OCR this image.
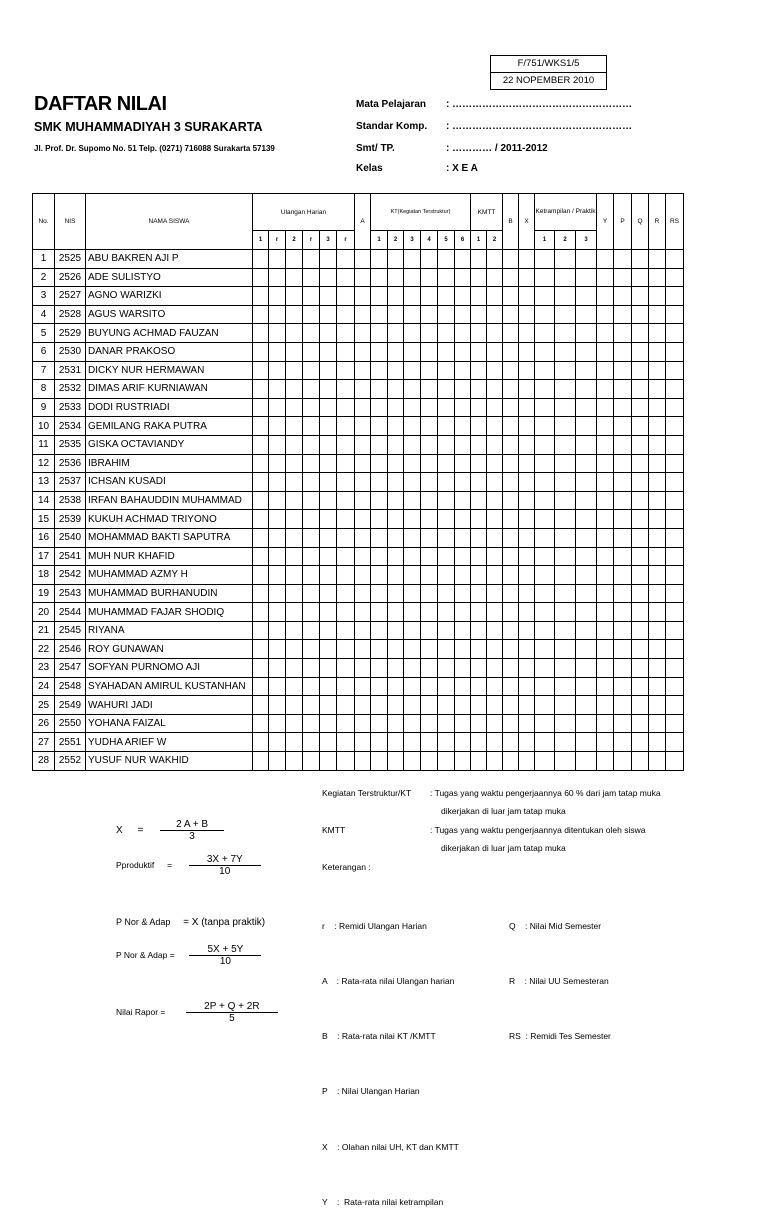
F/751/WKS1/5
22 NOPEMBER 2010
DAFTAR NILAI
SMK MUHAMMADIYAH 3 SURAKARTA
Jl. Prof. Dr. Supomo No. 51 Telp. (0271) 716088 Surakarta 57139
Mata Pelajaran : ………………………………………………
Standar Komp. : ………………………………………………
Smt/ TP.	: ………… / 2011-2012
Kelas	: X E A
No.	NIS	NAMA SISWA	Ulangan Harian						A	KT(Kegiatan Terstruktur)						KMTT		B	X	Ketrampilan / Praktik			Y	P	Q	R	RS
			1	r	2	r	3	r		1	2	3	4	5	6	1	2			1	2	3					
1	2525	ABU BAKREN AJI P																									
2	2526	ADE SULISTYO																									
3	2527	AGNO WARIZKI																									
4	2528	AGUS WARSITO																									
5	2529	BUYUNG ACHMAD FAUZAN																									
6	2530	DANAR PRAKOSO																									
7	2531	DICKY NUR HERMAWAN																									
8	2532	DIMAS ARIF KURNIAWAN																									
9	2533	DODI RUSTRIADI																									
10	2534	GEMILANG RAKA PUTRA																									
11	2535	GISKA OCTAVIANDY																									
12	2536	IBRAHIM																									
13	2537	ICHSAN KUSADI																									
14	2538	IRFAN BAHAUDDIN MUHAMMAD																									
15	2539	KUKUH ACHMAD TRIYONO																									
16	2540	MOHAMMAD BAKTI SAPUTRA																									
17	2541	MUH NUR KHAFID																									
18	2542	MUHAMMAD AZMY H																									
19	2543	MUHAMMAD BURHANUDIN																									
20	2544	MUHAMMAD FAJAR SHODIQ																									
21	2545	RIYANA																									
22	2546	ROY GUNAWAN																									
23	2547	SOFYAN PURNOMO AJI																									
24	2548	SYAHADAN AMIRUL KUSTANHAN																									
25	2549	WAHURI JADI																									
26	2550	YOHANA FAIZAL																									
27	2551	YUDHA ARIEF W																									
28	2552	YUSUF NUR WAKHID																									
Kegiatan Terstruktur/KT : Tugas yang waktu pengerjaannya 60 % dari jam tatap muka
dikerjakan di luar jam tatap muka
KMTT	: Tugas yang waktu pengerjaannya ditentukan oleh siswa
dikerjakan di luar jam tatap muka
Keterangan :

r    : Remidi Ulangan Harian

A    : Rata-rata nilai Ulangan harian

B    : Rata-rata nilai KT /KMTT

P    : Nilai Ulangan Harian

X    : Olahan nilai UH, KT dan KMTT

Y    :  Rata-rata nilai ketrampilan

Q    : Nilai Mid Semester

R    : Nilai UU Semesteran

RS  : Remidi Tes Semester

$X = \frac{2 A + B}{3}$
Pproduktif = $\frac{3X + 7Y}{10}$
P Nor & Adap = X (tanpa praktik)
P Nor & Adap = $\frac{5X + 5Y}{10}$
Nilai Rapor = $\frac{2P + Q + 2R}{5}$
